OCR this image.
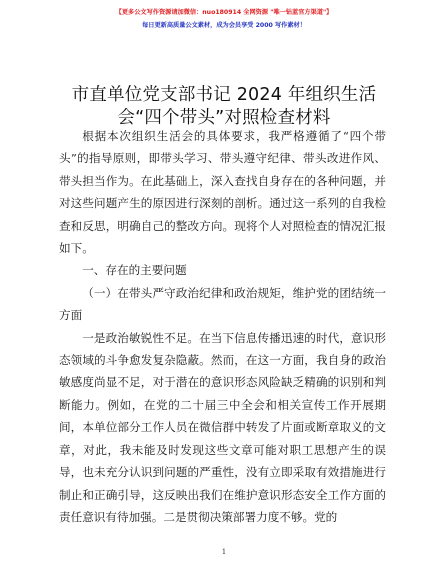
【更多公文写作资源请加微信：nuo180914 全网资源 "唯一钻蓝官方渠道"】
每日更新高质量公文素材，成为会员享受 2000 写作素材！
市直单位党支部书记 2024 年组织生活会“四个带头”对照检查材料

根据本次组织生活会的具体要求，我严格遵循了“四个带头”的指导原则，即带头学习、带头遵守纪律、带头改进作风、带头担当作为。在此基础上，深入查找自身存在的各种问题，并对这些问题产生的原因进行深刻的剖析。通过这一系列的自我检查和反思，明确自己的整改方向。现将个人对照检查的情况汇报如下。

一、存在的主要问题

（一）在带头严守政治纪律和政治规矩，维护党的团结统一方面

一是政治敏锐性不足。在当下信息传播迅速的时代，意识形态领域的斗争愈发复杂隐蔽。然而，在这一方面，我自身的政治敏感度尚显不足，对于潜在的意识形态风险缺乏精确的识别和判断能力。例如，在党的二十届三中全会和相关宣传工作开展期间，本单位部分工作人员在微信群中转发了片面或断章取义的文章，对此，我未能及时发现这些文章可能对职工思想产生的误导，也未充分认识到问题的严重性，没有立即采取有效措施进行制止和正确引导，这反映出我们在维护意识形态安全工作方面的责任意识有待加强。二是贯彻决策部署力度不够。党的

1
